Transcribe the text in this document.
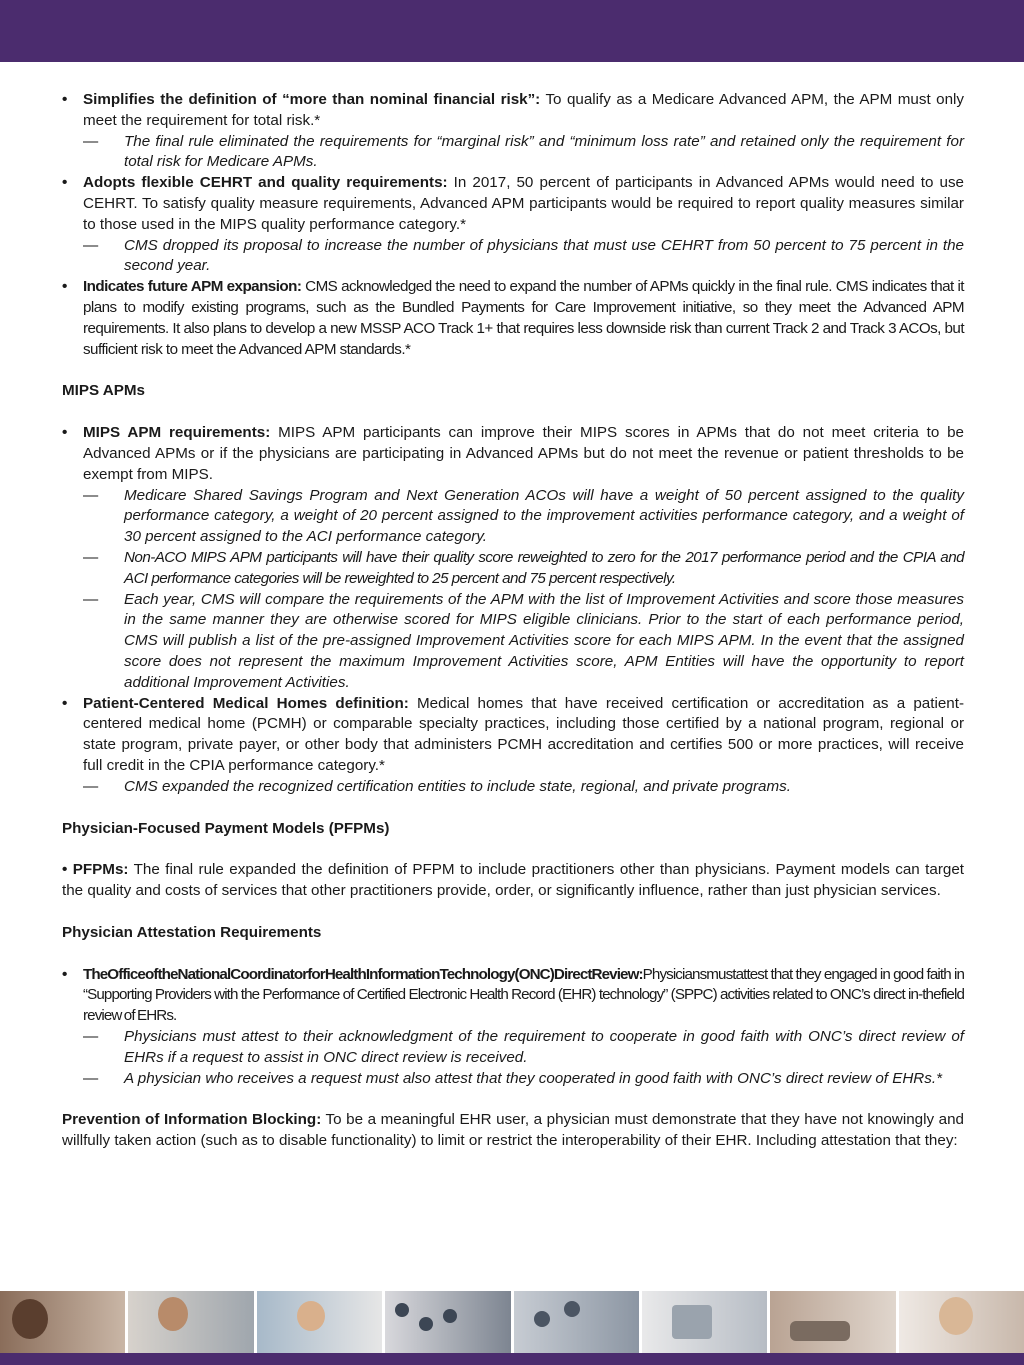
• Simplifies the definition of “more than nominal financial risk”: To qualify as a Medicare Advanced APM, the APM must only meet the requirement for total risk.*
— The final rule eliminated the requirements for “marginal risk” and “minimum loss rate” and retained only the requirement for total risk for Medicare APMs.
• Adopts flexible CEHRT and quality requirements: In 2017, 50 percent of participants in Advanced APMs would need to use CEHRT. To satisfy quality measure requirements, Advanced APM participants would be required to report quality measures similar to those used in the MIPS quality performance category.*
— CMS dropped its proposal to increase the number of physicians that must use CEHRT from 50 percent to 75 percent in the second year.
• Indicates future APM expansion: CMS acknowledged the need to expand the number of APMs quickly in the final rule. CMS indicates that it plans to modify existing programs, such as the Bundled Payments for Care Improvement initiative, so they meet the Advanced APM requirements. It also plans to develop a new MSSP ACO Track 1+ that requires less downside risk than current Track 2 and Track 3 ACOs, but sufficient risk to meet the Advanced APM standards.*
MIPS APMs
• MIPS APM requirements: MIPS APM participants can improve their MIPS scores in APMs that do not meet criteria to be Advanced APMs or if the physicians are participating in Advanced APMs but do not meet the revenue or patient thresholds to be exempt from MIPS.
— Medicare Shared Savings Program and Next Generation ACOs will have a weight of 50 percent assigned to the quality performance category, a weight of 20 percent assigned to the improvement activities performance category, and a weight of 30 percent assigned to the ACI performance category.
— Non-ACO MIPS APM participants will have their quality score reweighted to zero for the 2017 performance period and the CPIA and ACI performance categories will be reweighted to 25 percent and 75 percent respectively.
— Each year, CMS will compare the requirements of the APM with the list of Improvement Activities and score those measures in the same manner they are otherwise scored for MIPS eligible clinicians. Prior to the start of each performance period, CMS will publish a list of the pre-assigned Improvement Activities score for each MIPS APM. In the event that the assigned score does not represent the maximum Improvement Activities score, APM Entities will have the opportunity to report additional Improvement Activities.
• Patient-Centered Medical Homes definition: Medical homes that have received certification or accreditation as a patient-centered medical home (PCMH) or comparable specialty practices, including those certified by a national program, regional or state program, private payer, or other body that administers PCMH accreditation and certifies 500 or more practices, will receive full credit in the CPIA performance category.*
— CMS expanded the recognized certification entities to include state, regional, and private programs.
Physician-Focused Payment Models (PFPMs)
• PFPMs: The final rule expanded the definition of PFPM to include practitioners other than physicians. Payment models can target the quality and costs of services that other practitioners provide, order, or significantly influence, rather than just physician services.
Physician Attestation Requirements
• TheOfficeoftheNationalCoordinatorforHealthInformationTechnology(ONC)DirectReview:Physiciansmustattest that they engaged in good faith in “Supporting Providers with the Performance of Certified Electronic Health Record (EHR) technology” (SPPC) activities related to ONC’s direct in-thefield review of EHRs.
— Physicians must attest to their acknowledgment of the requirement to cooperate in good faith with ONC’s direct review of EHRs if a request to assist in ONC direct review is received.
— A physician who receives a request must also attest that they cooperated in good faith with ONC’s direct review of EHRs.*
Prevention of Information Blocking: To be a meaningful EHR user, a physician must demonstrate that they have not knowingly and willfully taken action (such as to disable functionality) to limit or restrict the interoperability of their EHR. Including attestation that they:
